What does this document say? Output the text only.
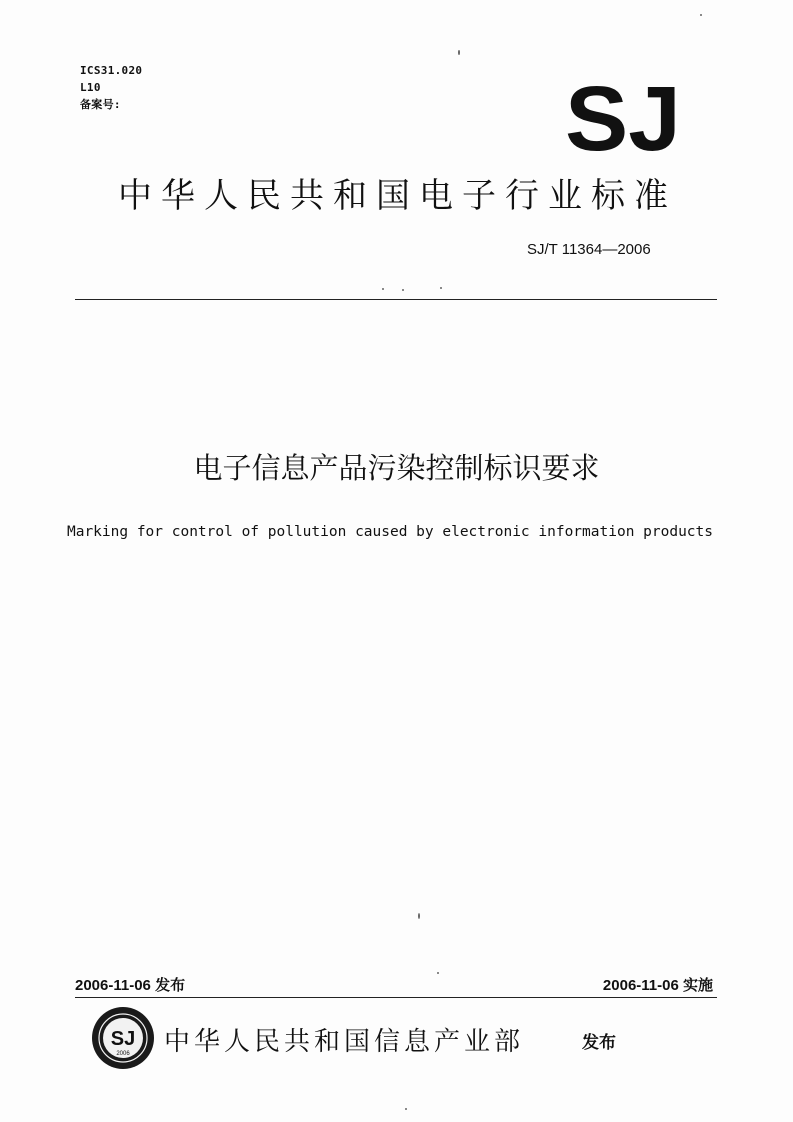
ICS31.020
L10
备案号:	SJ
中华人民共和国电子行业标准
SJ/T 11364—2006
电子信息产品污染控制标识要求
Marking for control of pollution caused by electronic information products
2006-11-06 发布	2006-11-06 实施
SJ
2006 中华人民共和国信息产业部	发布
